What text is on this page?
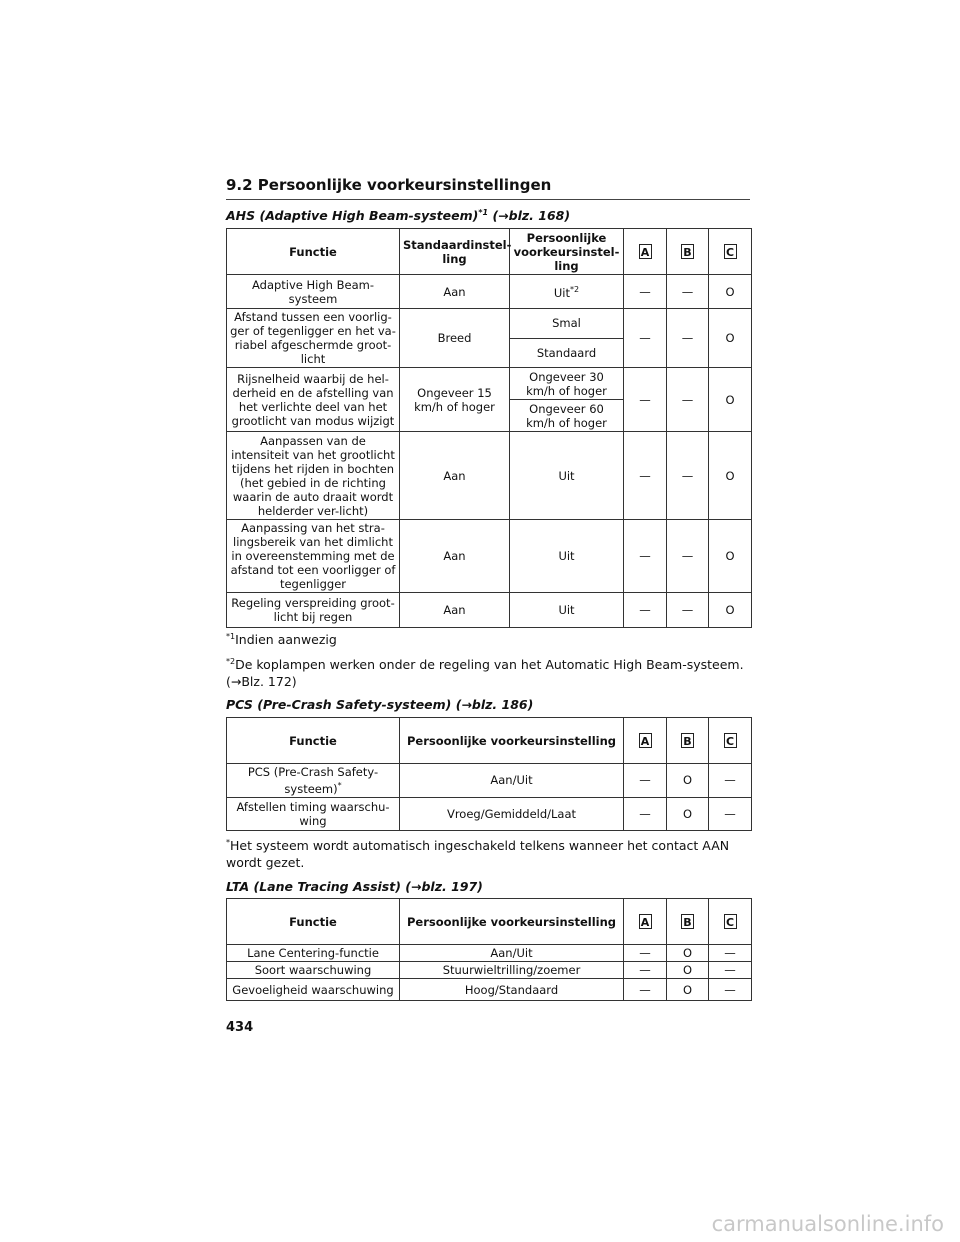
9.2 Persoonlijke voorkeursinstellingen
AHS (Adaptive High Beam-systeem)$^{*1}$ (→blz. 168)
Functie	Standaardinstel-ling	Persoonlijke voorkeursinstel-ling	A	B	C
Adaptive High Beam-systeem	Aan	Uit$^{*2}$	—	—	O
Afstand tussen een voorlig-ger of tegenligger en het va-riabel afgeschermde groot-licht	Breed	Smal	—	—	O
		Standaard			
Rijsnelheid waarbij de hel-derheid en de afstelling van het verlichte deel van het grootlicht van modus wijzigt	Ongeveer 15 km/h of hoger	Ongeveer 30 km/h of hoger	—	—	O
		Ongeveer 60 km/h of hoger			
Aanpassen van de intensiteit van het grootlicht tijdens het rijden in bochten (het gebied in de richting waarin de auto draait wordt helderder ver-licht)	Aan	Uit	—	—	O
Aanpassing van het stra-lingsbereik van het dimlicht in overeenstemming met de afstand tot een voorligger of tegenligger	Aan	Uit	—	—	O
Regeling verspreiding groot-licht bij regen	Aan	Uit	—	—	O
$^{*1}$Indien aanwezig
$^{*2}$De koplampen werken onder de regeling van het Automatic High Beam-systeem. (→Blz. 172)
PCS (Pre-Crash Safety-systeem) (→blz. 186)
Functie	Persoonlijke voorkeursinstelling	A	B	C
PCS (Pre-Crash Safety-systeem)*	Aan/Uit	—	O	—
Afstellen timing waarschu-wing	Vroeg/Gemiddeld/Laat	—	O	—
*Het systeem wordt automatisch ingeschakeld telkens wanneer het contact AAN wordt gezet.
LTA (Lane Tracing Assist) (→blz. 197)
Functie	Persoonlijke voorkeursinstelling	A	B	C
Lane Centering-functie	Aan/Uit	—	O	—
Soort waarschuwing	Stuurwieltrilling/zoemer	—	O	—
Gevoeligheid waarschuwing	Hoog/Standaard	—	O	—
434
carmanualsonline.info
